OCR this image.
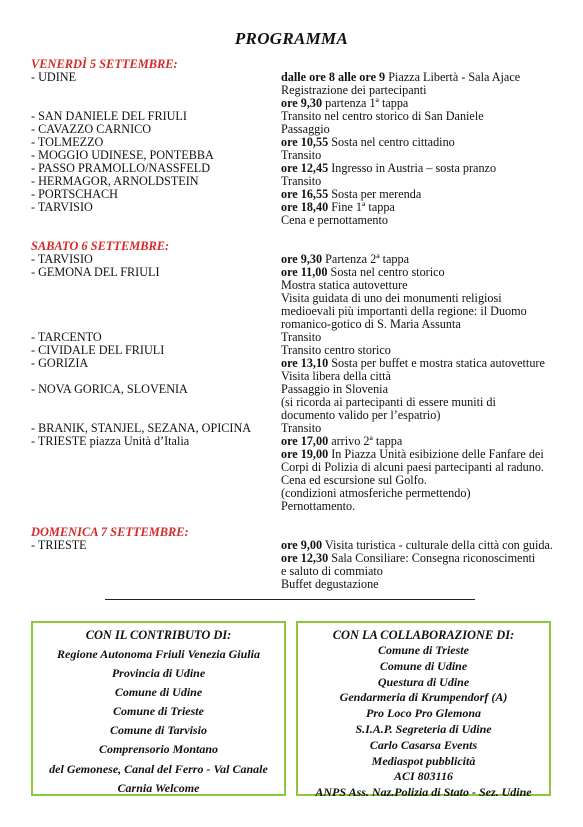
PROGRAMMA
VENERDÌ 5 SETTEMBRE:
- UDINE	dalle ore 8 alle ore 9 Piazza Libertà - Sala Ajace
Registrazione dei partecipanti
ore 9,30 partenza 1ª tappa
- SAN DANIELE DEL FRIULI	Transito nel centro storico di San Daniele
- CAVAZZO CARNICO	Passaggio
- TOLMEZZO	ore 10,55 Sosta nel centro cittadino
- MOGGIO UDINESE, PONTEBBA	Transito
- PASSO PRAMOLLO/NASSFELD	ore 12,45 Ingresso in Austria – sosta pranzo
- HERMAGOR, ARNOLDSTEIN	Transito
- PORTSCHACH	ore 16,55 Sosta per merenda
- TARVISIO	ore 18,40 Fine 1ª tappa
Cena e pernottamento
SABATO 6 SETTEMBRE:
- TARVISIO	ore 9,30 Partenza 2ª tappa
- GEMONA DEL FRIULI	ore 11,00 Sosta nel centro storico
Mostra statica autovetture
Visita guidata di uno dei monumenti religiosi
medioevali più importanti della regione: il Duomo
romanico-gotico di S. Maria Assunta
- TARCENTO	Transito
- CIVIDALE DEL FRIULI	Transito centro storico
- GORIZIA	ore 13,10 Sosta per buffet e mostra statica autovetture
Visita libera della città
- NOVA GORICA, SLOVENIA	Passaggio in Slovenia
(si ricorda ai partecipanti di essere muniti di
documento valido per l’espatrio)
- BRANIK, STANJEL, SEZANA, OPICINA	Transito
- TRIESTE piazza Unità d’Italia	ore 17,00 arrivo 2ª tappa
ore 19,00 In Piazza Unità esibizione delle Fanfare dei
Corpi di Polizia di alcuni paesi partecipanti al raduno.
Cena ed escursione sul Golfo.
(condizioni atmosferiche permettendo)
Pernottamento.
DOMENICA 7 SETTEMBRE:
- TRIESTE	ore 9,00 Visita turistica - culturale della città con guida.
ore 12,30 Sala Consiliare: Consegna riconoscimenti
e saluto di commiato
Buffet degustazione
CON IL CONTRIBUTO DI:
Regione Autonoma Friuli Venezia Giulia
Provincia di Udine
Comune di Udine
Comune di Trieste
Comune di Tarvisio
Comprensorio Montano
del Gemonese, Canal del Ferro - Val Canale
Carnia Welcome
CON LA COLLABORAZIONE DI:
Comune di Trieste
Comune di Udine
Questura di Udine
Gendarmeria di Krumpendorf (A)
Pro Loco Pro Glemona
S.I.A.P. Segreteria di Udine
Carlo Casarsa Events
Mediaspot pubblicità
ACI 803116
ANPS Ass. Naz.Polizia di Stato - Sez. Udine
